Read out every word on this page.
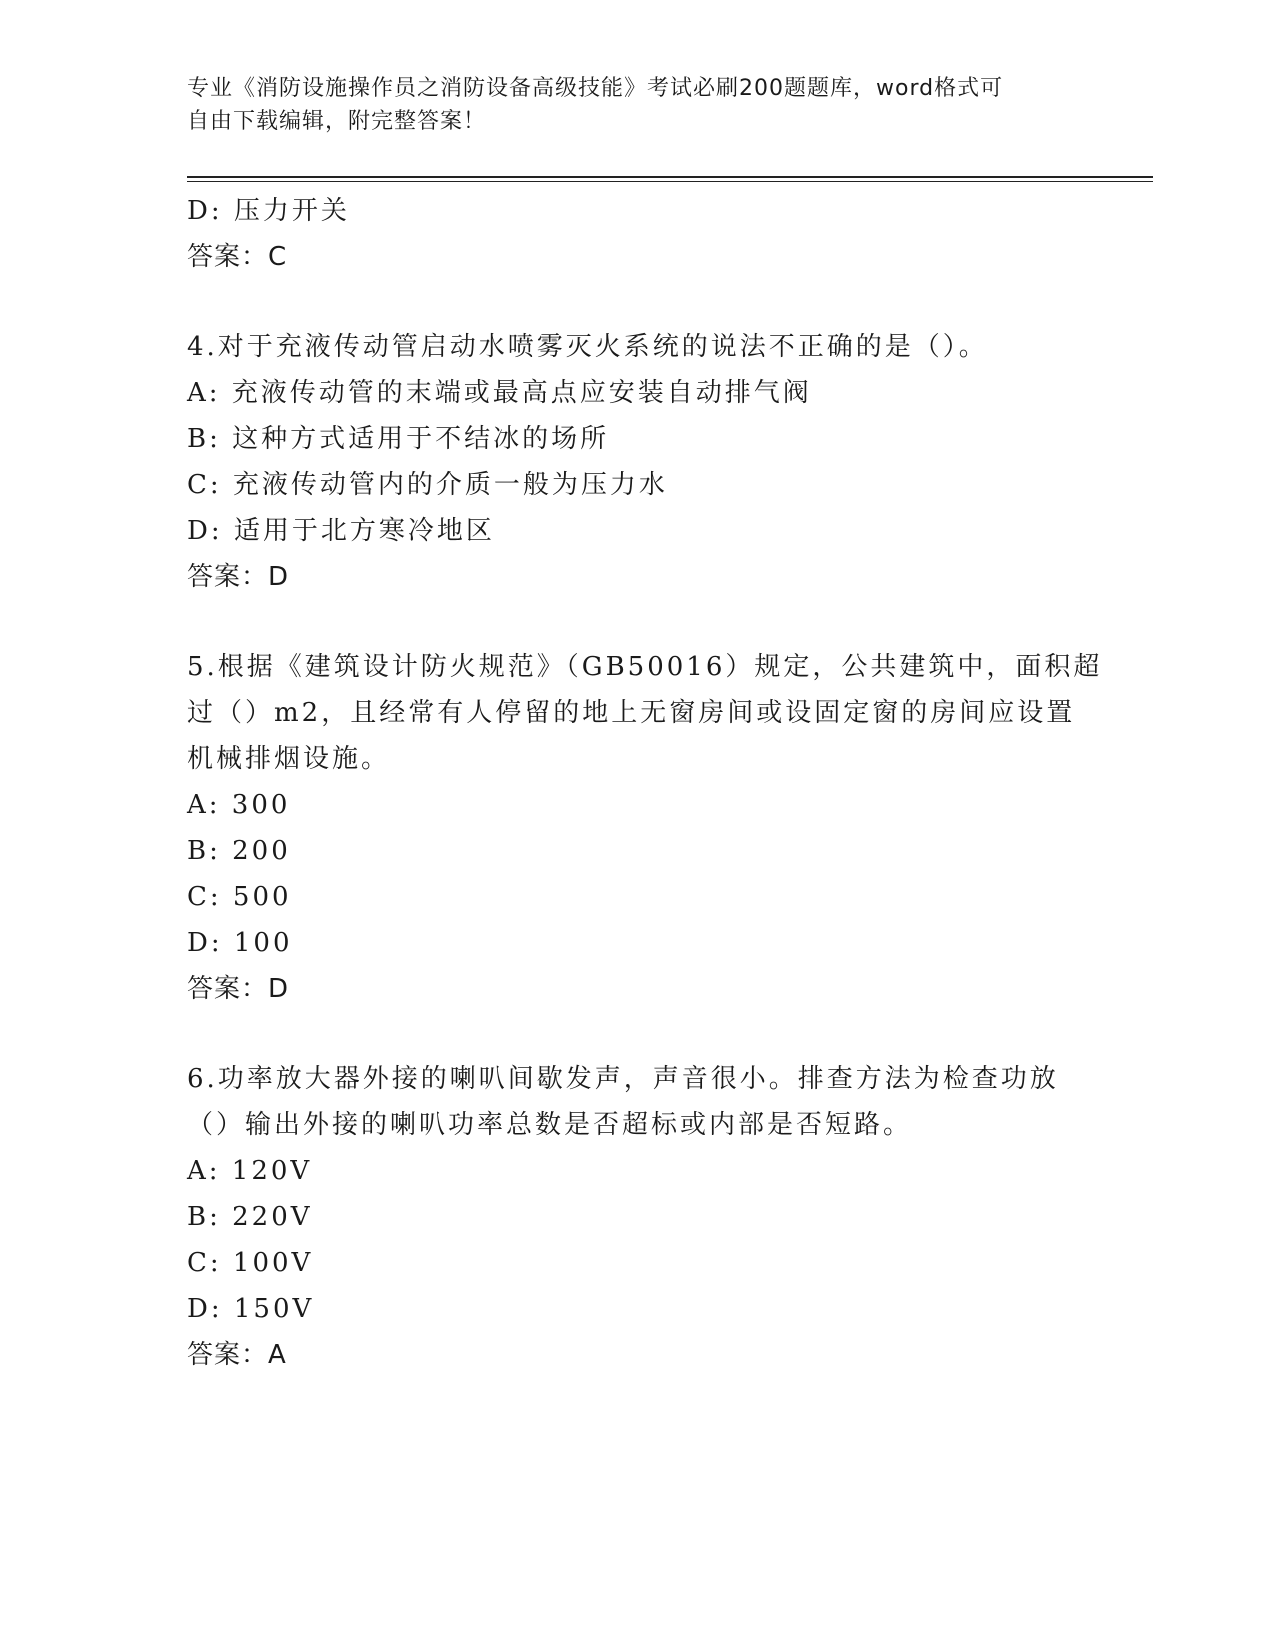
专业《消防设施操作员之消防设备高级技能》考试必刷200题题库，word格式可
自由下载编辑，附完整答案！
D: 压力开关
答案：C
4.对于充液传动管启动水喷雾灭火系统的说法不正确的是（）。
A: 充液传动管的末端或最高点应安装自动排气阀
B: 这种方式适用于不结冰的场所
C: 充液传动管内的介质一般为压力水
D: 适用于北方寒冷地区
答案：D
5.根据《建筑设计防火规范》（GB50016）规定，公共建筑中，面积超
过（）m2，且经常有人停留的地上无窗房间或设固定窗的房间应设置
机械排烟设施。
A: 300
B: 200
C: 500
D: 100
答案：D
6.功率放大器外接的喇叭间歇发声，声音很小。排查方法为检查功放
（）输出外接的喇叭功率总数是否超标或内部是否短路。
A: 120V
B: 220V
C: 100V
D: 150V
答案：A
